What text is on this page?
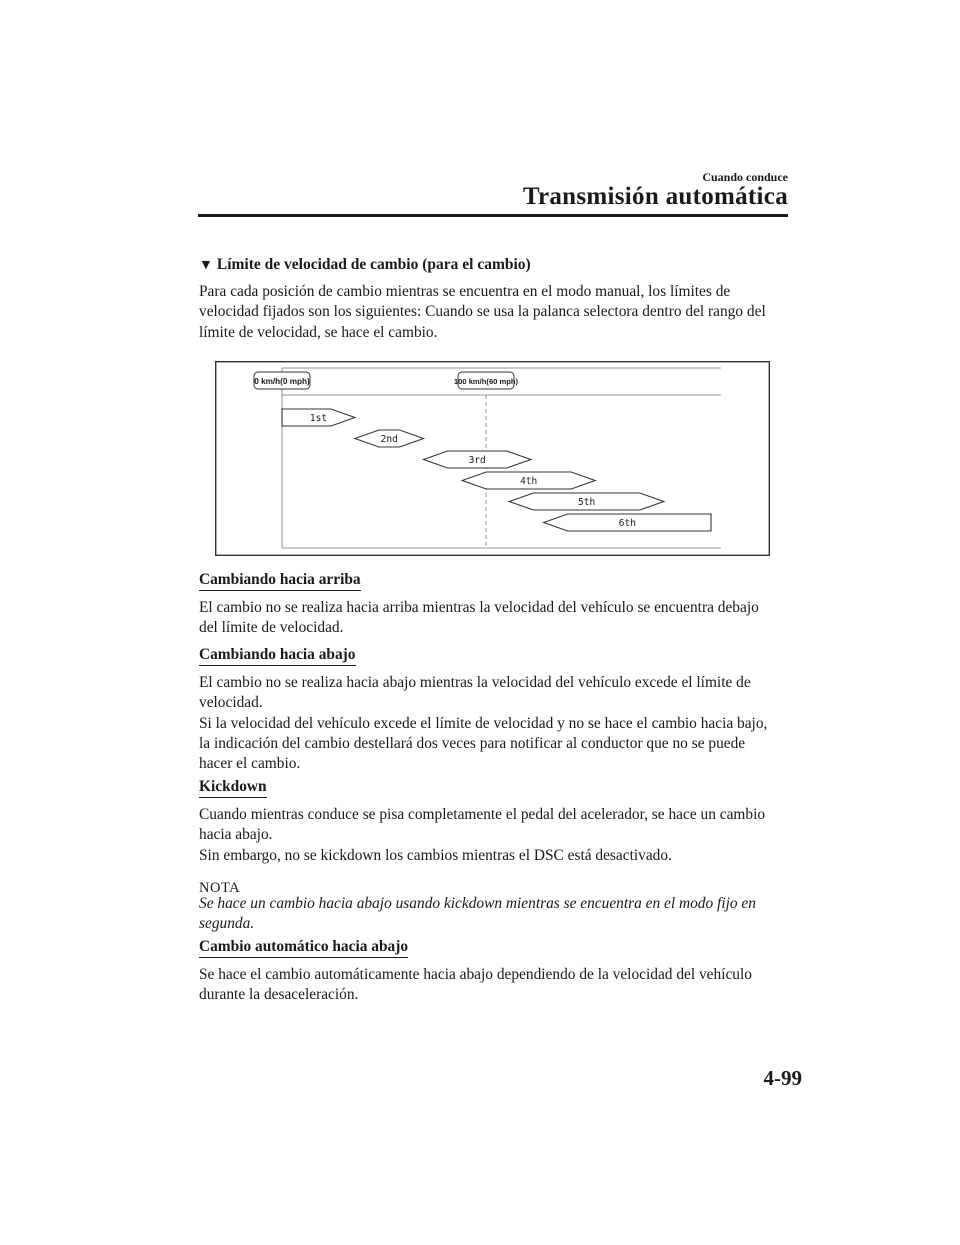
Cuando conduce
Transmisión automática
▼ Límite de velocidad de cambio (para el cambio)
Para cada posición de cambio mientras se encuentra en el modo manual, los límites de
velocidad fijados son los siguientes: Cuando se usa la palanca selectora dentro del rango del
límite de velocidad, se hace el cambio.
0 km/h(0 mph)	100 km/h(60 mph)
1st
2nd
3rd
4th
5th
6th
Cambiando hacia arriba
El cambio no se realiza hacia arriba mientras la velocidad del vehículo se encuentra debajo
del límite de velocidad.
Cambiando hacia abajo
El cambio no se realiza hacia abajo mientras la velocidad del vehículo excede el límite de
velocidad.
Si la velocidad del vehículo excede el límite de velocidad y no se hace el cambio hacia bajo,
la indicación del cambio destellará dos veces para notificar al conductor que no se puede
hacer el cambio.
Kickdown
Cuando mientras conduce se pisa completamente el pedal del acelerador, se hace un cambio
hacia abajo.
Sin embargo, no se kickdown los cambios mientras el DSC está desactivado.
NOTA
Se hace un cambio hacia abajo usando kickdown mientras se encuentra en el modo fijo en
segunda.
Cambio automático hacia abajo
Se hace el cambio automáticamente hacia abajo dependiendo de la velocidad del vehículo
durante la desaceleración.
4-99
